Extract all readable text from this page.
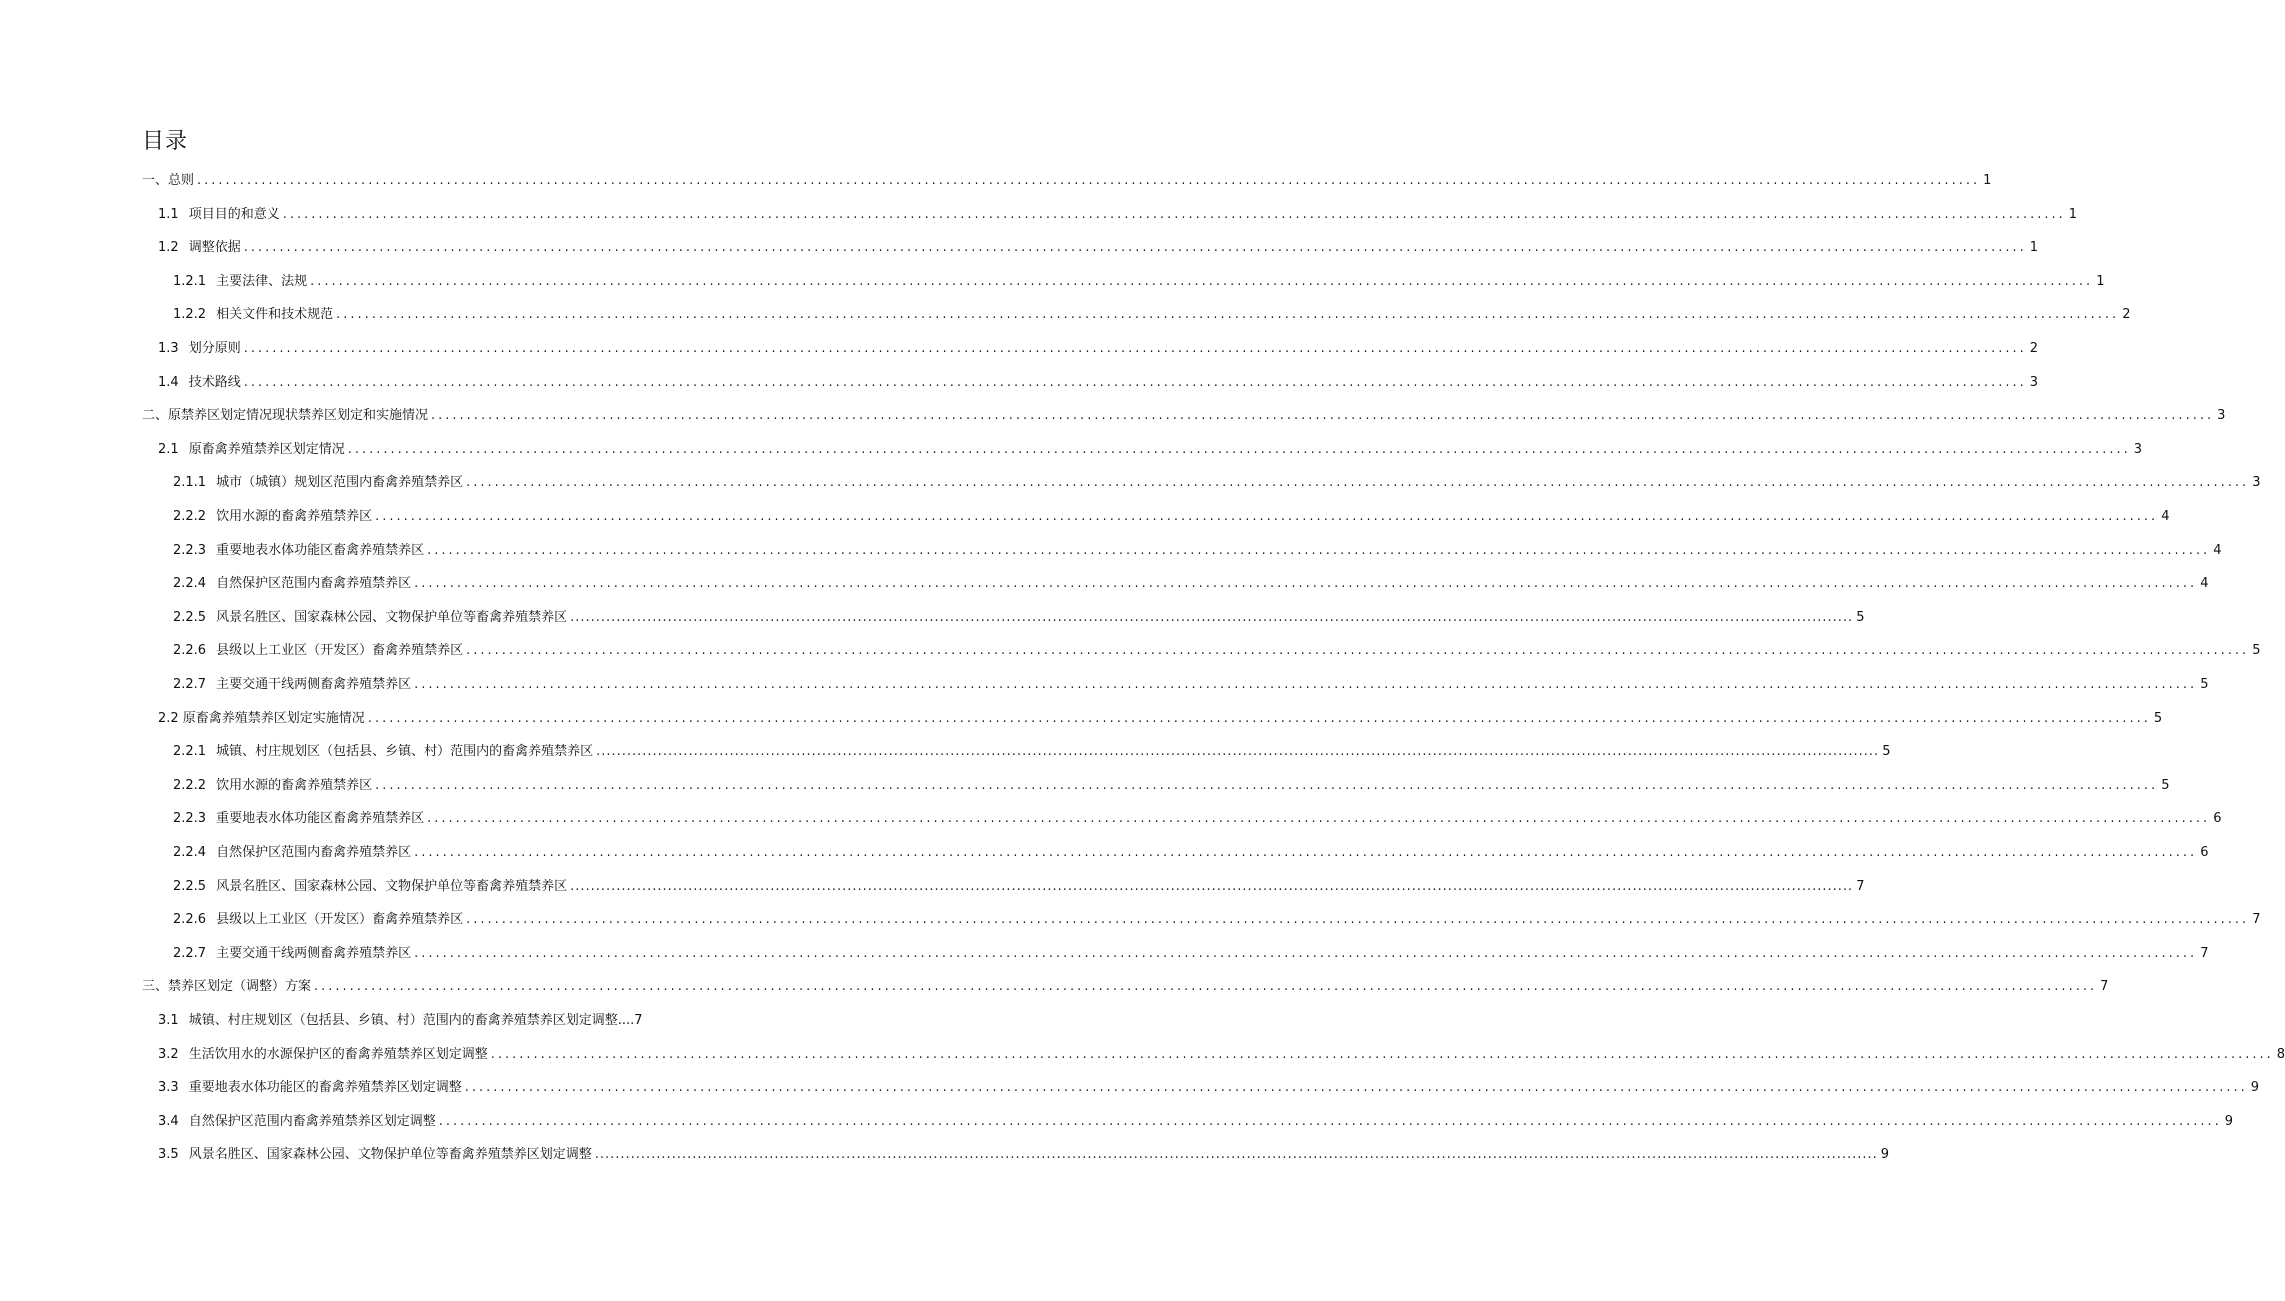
目录
一、总则 .....	1
1.1 项目目的和意义 .....	1
1.2 调整依据 .....	1
1.2.1 主要法律、法规 .....	1
1.2.2 相关文件和技术规范 .....	2
1.3 划分原则 .....	2
1.4 技术路线 .....	3
二、原禁养区划定情况现状禁养区划定和实施情况 .....	3
2.1 原畜禽养殖禁养区划定情况 .....	3
2.1.1 城市（城镇）规划区范围内畜禽养殖禁养区 .....	3
2.2.2 饮用水源的畜禽养殖禁养区 .....	4
2.2.3 重要地表水体功能区畜禽养殖禁养区 .....	4
2.2.4 自然保护区范围内畜禽养殖禁养区 .....	4
2.2.5 风景名胜区、国家森林公园、文物保护单位等畜禽养殖禁养区 .....	5
2.2.6 县级以上工业区（开发区）畜禽养殖禁养区 .....	5
2.2.7 主要交通干线两侧畜禽养殖禁养区 .....	5
2.2 原畜禽养殖禁养区划定实施情况 .....	5
2.2.1 城镇、村庄规划区（包括县、乡镇、村）范围内的畜禽养殖禁养区 .....	5
2.2.2 饮用水源的畜禽养殖禁养区 .....	5
2.2.3 重要地表水体功能区畜禽养殖禁养区 .....	6
2.2.4 自然保护区范围内畜禽养殖禁养区 .....	6
2.2.5 风景名胜区、国家森林公园、文物保护单位等畜禽养殖禁养区 .....	7
2.2.6 县级以上工业区（开发区）畜禽养殖禁养区 .....	7
2.2.7 主要交通干线两侧畜禽养殖禁养区 .....	7
三、禁养区划定（调整）方案 .....	7
3.1 城镇、村庄规划区（包括县、乡镇、村）范围内的畜禽养殖禁养区划定调整....7
3.2 生活饮用水的水源保护区的畜禽养殖禁养区划定调整 .....	8
3.3 重要地表水体功能区的畜禽养殖禁养区划定调整 .....	9
3.4 自然保护区范围内畜禽养殖禁养区划定调整 .....	9
3.5 风景名胜区、国家森林公园、文物保护单位等畜禽养殖禁养区划定调整 .....	9
